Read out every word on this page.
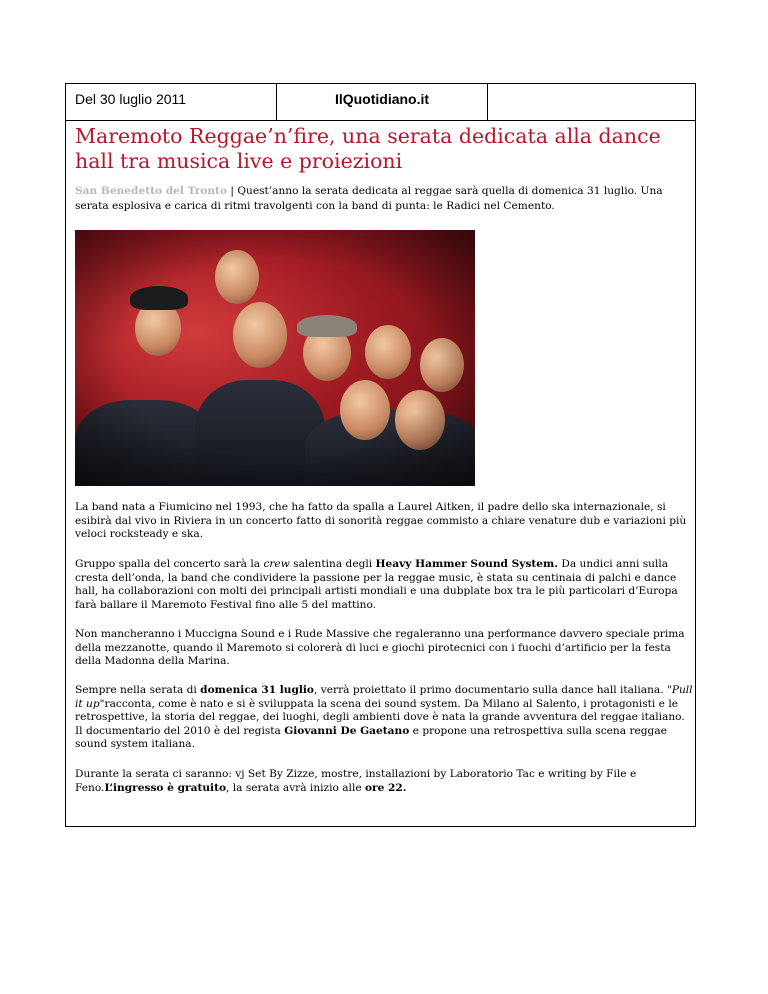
Del 30 luglio 2011	IlQuotidiano.it
Maremoto Reggae’n’fire, una serata dedicata alla dance hall tra musica live e proiezioni

San Benedetto del Tronto | Quest’anno la serata dedicata al reggae sarà quella di domenica 31 luglio. Una serata esplosiva e carica di ritmi travolgenti con la band di punta: le Radici nel Cemento.

La band nata a Fiumicino nel 1993, che ha fatto da spalla a Laurel Aitken, il padre dello ska internazionale, si esibirà dal vivo in Riviera in un concerto fatto di sonorità reggae commisto a chiare venature dub e variazioni più veloci rocksteady e ska.

Gruppo spalla del concerto sarà la crew salentina degli Heavy Hammer Sound System. Da undici anni sulla cresta dell’onda, la band che condividere la passione per la reggae music, è stata su centinaia di palchi e dance hall, ha collaborazioni con molti dei principali artisti mondiali e una dubplate box tra le più particolari d’Europa farà ballare il Maremoto Festival fino alle 5 del mattino.

Non mancheranno i Muccigna Sound e i Rude Massive che regaleranno una performance davvero speciale prima della mezzanotte, quando il Maremoto si colorerà di luci e giochi pirotecnici con i fuochi d’artificio per la festa della Madonna della Marina.

Sempre nella serata di domenica 31 luglio, verrà proiettato il primo documentario sulla dance hall italiana. "Pull it up"racconta, come è nato e si è sviluppata la scena dei sound system. Da Milano al Salento, i protagonisti e le retrospettive, la storia del reggae, dei luoghi, degli ambienti dove è nata la grande avventura del reggae italiano. Il documentario del 2010 è del regista Giovanni De Gaetano e propone una retrospettiva sulla scena reggae sound system italiana.

Durante la serata ci saranno: vj Set By Zizze, mostre, installazioni by Laboratorio Tac e writing by File e Feno.L’ingresso è gratuito, la serata avrà inizio alle ore 22.
